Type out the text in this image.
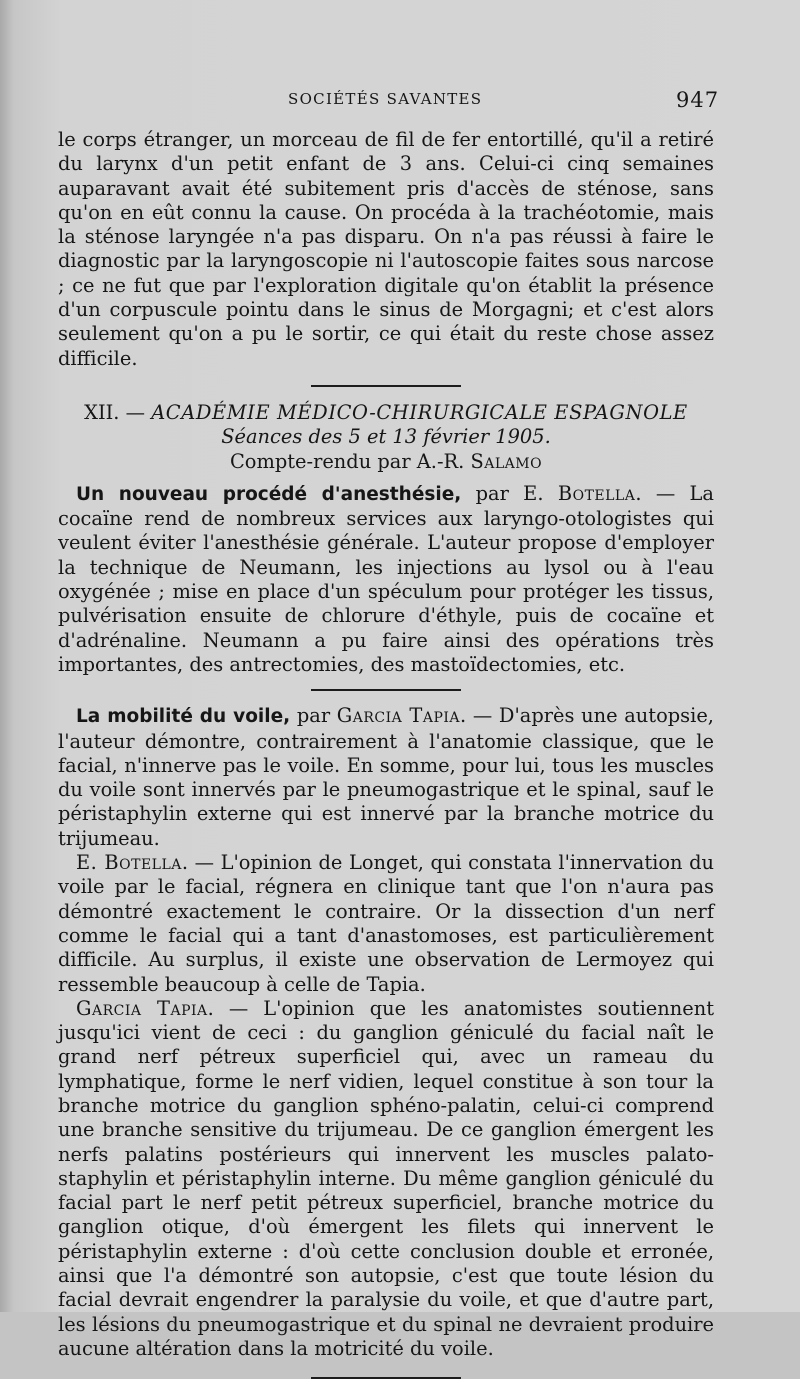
SOCIÉTÉS SAVANTES	947

le corps étranger, un morceau de fil de fer entortillé, qu'il a retiré du larynx d'un petit enfant de 3 ans. Celui-ci cinq semaines auparavant avait été subitement pris d'accès de sténose, sans qu'on en eût connu la cause. On procéda à la trachéotomie, mais la sténose laryngée n'a pas disparu. On n'a pas réussi à faire le diagnostic par la laryngoscopie ni l'autoscopie faites sous narcose ; ce ne fut que par l'exploration digitale qu'on établit la présence d'un corpuscule pointu dans le sinus de Morgagni; et c'est alors seulement qu'on a pu le sortir, ce qui était du reste chose assez difficile.

XII. — ACADÉMIE MÉDICO-CHIRURGICALE ESPAGNOLE
Séances des 5 et 13 février 1905.
Compte-rendu par A.-R. Salamo

Un nouveau procédé d'anesthésie, par E. Botella. — La cocaïne rend de nombreux services aux laryngo-otologistes qui veulent éviter l'anesthésie générale. L'auteur propose d'employer la technique de Neumann, les injections au lysol ou à l'eau oxygénée ; mise en place d'un spéculum pour protéger les tissus, pulvérisation ensuite de chlorure d'éthyle, puis de cocaïne et d'adrénaline. Neumann a pu faire ainsi des opérations très importantes, des antrectomies, des mastoïdectomies, etc.

La mobilité du voile, par Garcia Tapia. — D'après une autopsie, l'auteur démontre, contrairement à l'anatomie classique, que le facial, n'innerve pas le voile. En somme, pour lui, tous les muscles du voile sont innervés par le pneumogastrique et le spinal, sauf le péristaphylin externe qui est innervé par la branche motrice du trijumeau.

E. Botella. — L'opinion de Longet, qui constata l'innervation du voile par le facial, régnera en clinique tant que l'on n'aura pas démontré exactement le contraire. Or la dissection d'un nerf comme le facial qui a tant d'anastomoses, est particulièrement difficile. Au surplus, il existe une observation de Lermoyez qui ressemble beaucoup à celle de Tapia.

Garcia Tapia. — L'opinion que les anatomistes soutiennent jusqu'ici vient de ceci : du ganglion géniculé du facial naît le grand nerf pétreux superficiel qui, avec un rameau du lymphatique, forme le nerf vidien, lequel constitue à son tour la branche motrice du ganglion sphéno-palatin, celui-ci comprend une branche sensitive du trijumeau. De ce ganglion émergent les nerfs palatins postérieurs qui innervent les muscles palato-staphylin et péristaphylin interne. Du même ganglion géniculé du facial part le nerf petit pétreux superficiel, branche motrice du ganglion otique, d'où émergent les filets qui innervent le péristaphylin externe : d'où cette conclusion double et erronée, ainsi que l'a démontré son autopsie, c'est que toute lésion du facial devrait engendrer la paralysie du voile, et que d'autre part, les lésions du pneumogastrique et du spinal ne devraient produire aucune altération dans la motricité du voile.
